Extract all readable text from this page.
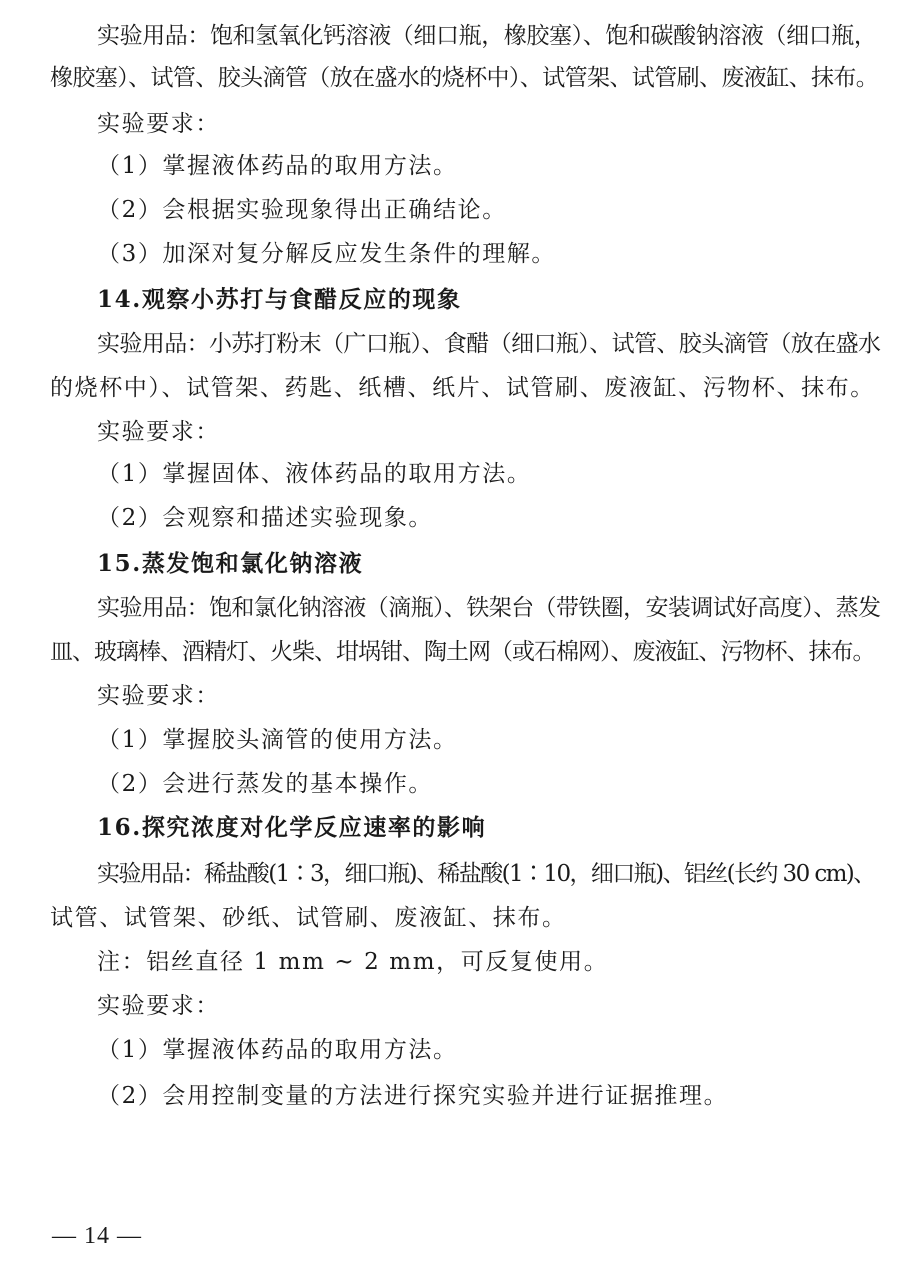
实验用品：饱和氢氧化钙溶液（细口瓶，橡胶塞）、饱和碳酸钠溶液（细口瓶，
橡胶塞）、试管、胶头滴管（放在盛水的烧杯中）、试管架、试管刷、废液缸、抹布。
实验要求：
（1）掌握液体药品的取用方法。
（2）会根据实验现象得出正确结论。
（3）加深对复分解反应发生条件的理解。
14.观察小苏打与食醋反应的现象
实验用品：小苏打粉末（广口瓶）、食醋（细口瓶）、试管、胶头滴管（放在盛水
的烧杯中）、试管架、药匙、纸槽、纸片、试管刷、废液缸、污物杯、抹布。
实验要求：
（1）掌握固体、液体药品的取用方法。
（2）会观察和描述实验现象。
15.蒸发饱和氯化钠溶液
实验用品：饱和氯化钠溶液（滴瓶）、铁架台（带铁圈，安装调试好高度）、蒸发
皿、玻璃棒、酒精灯、火柴、坩埚钳、陶土网（或石棉网）、废液缸、污物杯、抹布。
实验要求：
（1）掌握胶头滴管的使用方法。
（2）会进行蒸发的基本操作。
16.探究浓度对化学反应速率的影响
实验用品：稀盐酸(1∶3，细口瓶)、稀盐酸(1∶10，细口瓶)、铝丝(长约 30 cm)、
试管、试管架、砂纸、试管刷、废液缸、抹布。
注：铝丝直径 1 mm ~ 2 mm，可反复使用。
实验要求：
（1）掌握液体药品的取用方法。
（2）会用控制变量的方法进行探究实验并进行证据推理。
— 14 —
